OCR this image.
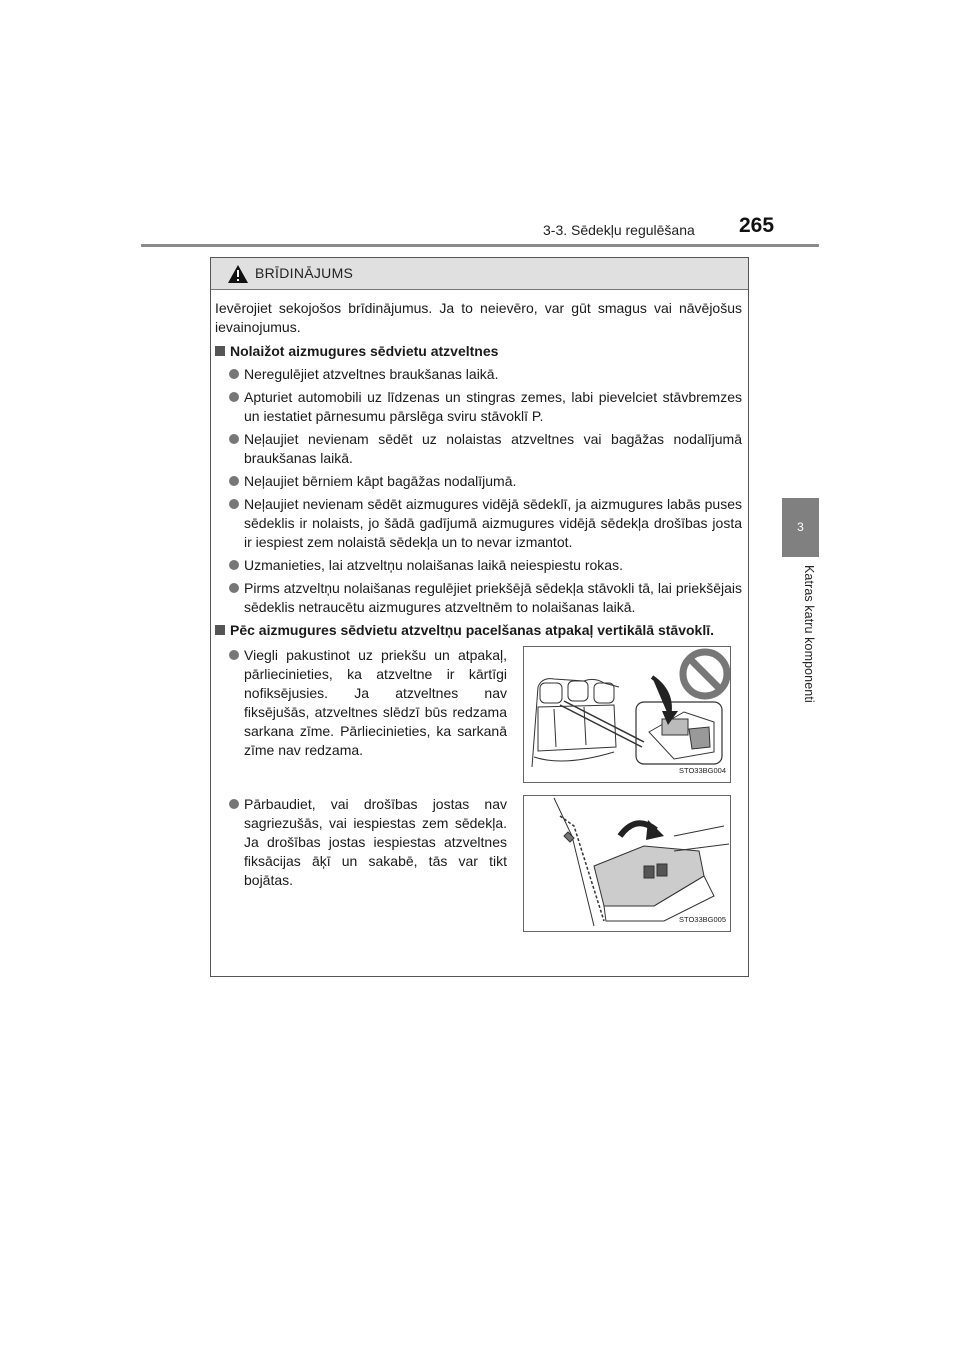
3-3. Sēdekļu regulēšana 265
3
Katras katru komponenti
BRĪDINĀJUMS

Ievērojiet sekojošos brīdinājumus. Ja to neievēro, var gūt smagus vai nāvējošus ievainojumus.

Nolaižot aizmugures sēdvietu atzveltnes
Neregulējiet atzveltnes braukšanas laikā.
Apturiet automobili uz līdzenas un stingras zemes, labi pievelciet stāvbremzes un iestatiet pārnesumu pārslēga sviru stāvoklī P.
Neļaujiet nevienam sēdēt uz nolaistas atzveltnes vai bagāžas nodalījumā braukšanas laikā.
Neļaujiet bērniem kāpt bagāžas nodalījumā.
Neļaujiet nevienam sēdēt aizmugures vidējā sēdeklī, ja aizmugures labās puses sēdeklis ir nolaists, jo šādā gadījumā aizmugures vidējā sēdekļa drošības josta ir iespiest zem nolaistā sēdekļa un to nevar izmantot.
Uzmanieties, lai atzveltņu nolaišanas laikā neiespiestu rokas.
Pirms atzveltņu nolaišanas regulējiet priekšējā sēdekļa stāvokli tā, lai priekšējais sēdeklis netraucētu aizmugures atzveltnēm to nolaišanas laikā.
Pēc aizmugures sēdvietu atzveltņu pacelšanas atpakaļ vertikālā stāvoklī.
Viegli pakustinot uz priekšu un atpakaļ, pārliecinieties, ka atzveltne ir kārtīgi nofiksējusies. Ja atzveltnes nav fiksējušās, atzveltnes slēdzī būs redzama sarkana zīme. Pārliecinieties, ka sarkanā zīme nav redzama.
STO33BG004
Pārbaudiet, vai drošības jostas nav sagriezušās, vai iespiestas zem sēdekļa. Ja drošības jostas iespiestas atzveltnes fiksācijas āķī un sakabē, tās var tikt bojātas.
STO33BG005
